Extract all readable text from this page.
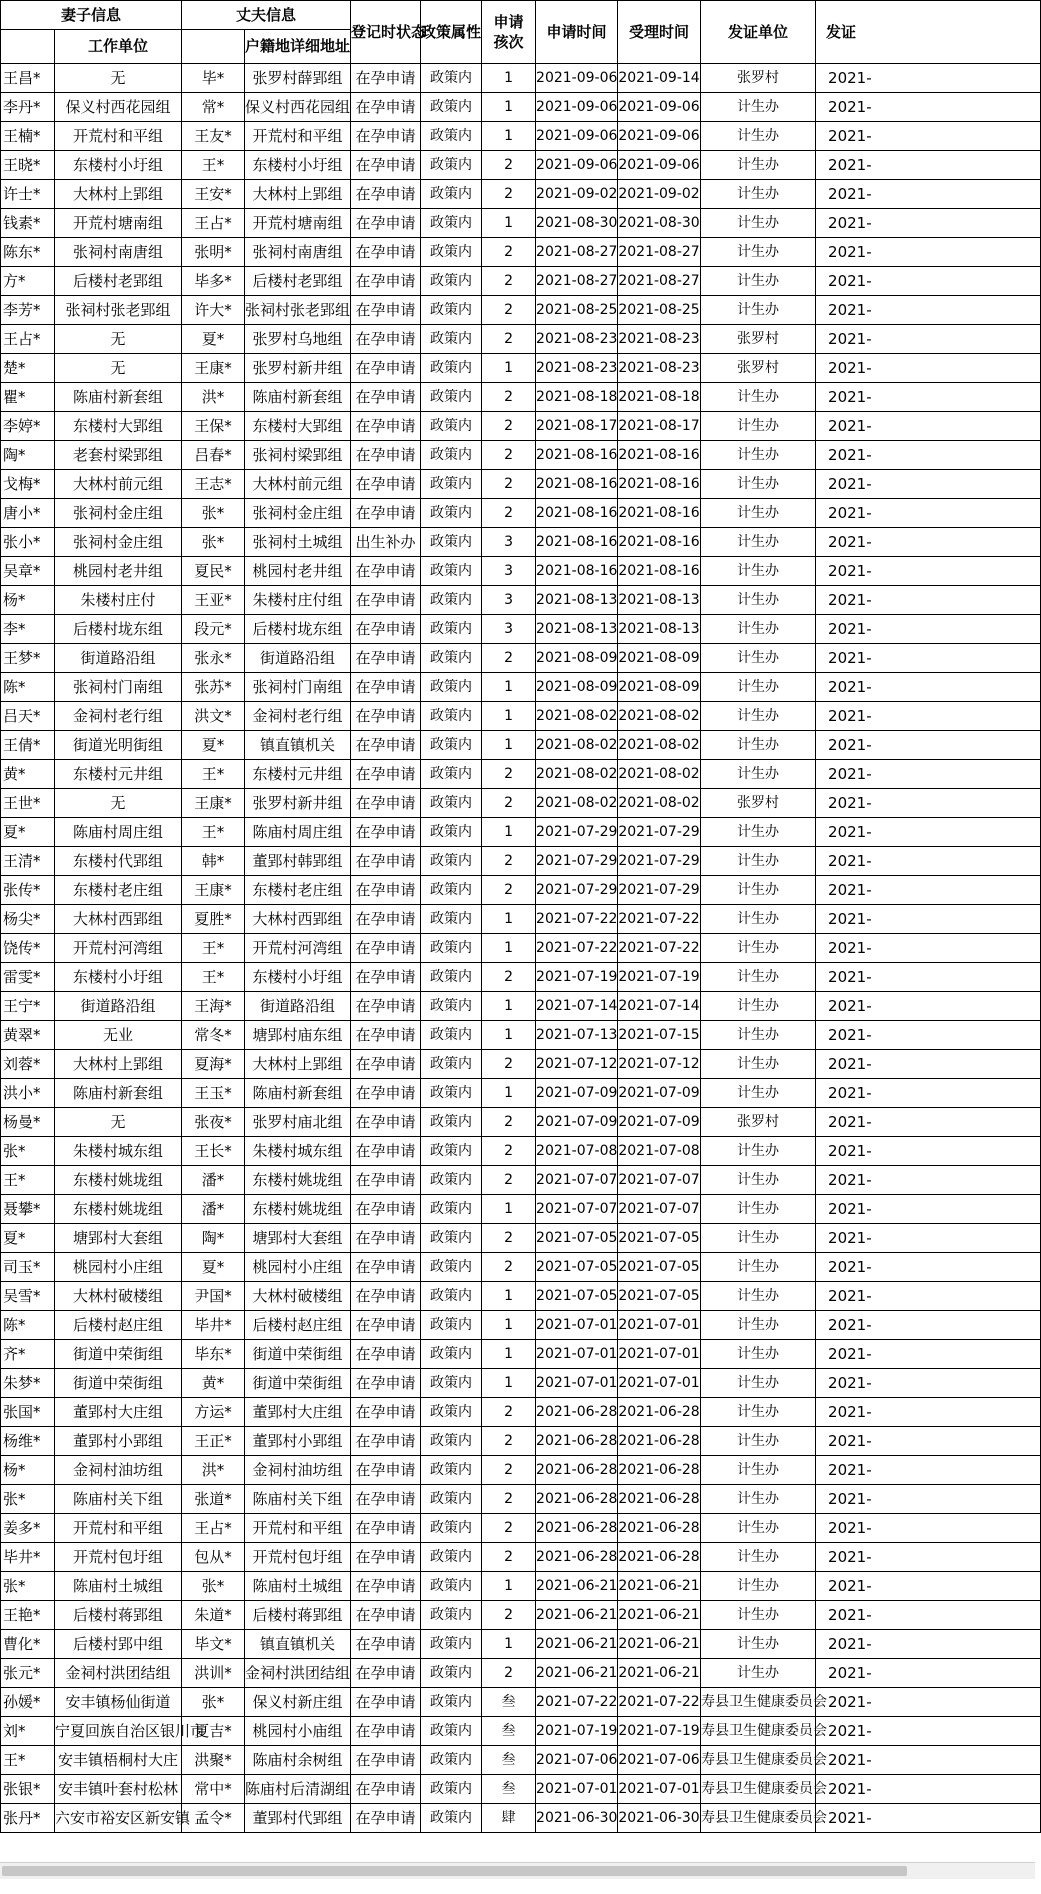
妻子信息		丈夫信息		登记时状态	政策属性	申请孩次	申请时间	受理时间	发证单位	发证
	工作单位		户籍地详细地址							
王昌*	无	毕*	张罗村薛郢组	在孕申请	政策内	1	2021-09-06	2021-09-14	张罗村	2021-
李丹*	保义村西花园组	常*	保义村西花园组	在孕申请	政策内	1	2021-09-06	2021-09-06	计生办	2021-
王楠*	开荒村和平组	王友*	开荒村和平组	在孕申请	政策内	1	2021-09-06	2021-09-06	计生办	2021-
王晓*	东楼村小圩组	王*	东楼村小圩组	在孕申请	政策内	2	2021-09-06	2021-09-06	计生办	2021-
许士*	大林村上郢组	王安*	大林村上郢组	在孕申请	政策内	2	2021-09-02	2021-09-02	计生办	2021-
钱素*	开荒村塘南组	王占*	开荒村塘南组	在孕申请	政策内	1	2021-08-30	2021-08-30	计生办	2021-
陈东*	张祠村南唐组	张明*	张祠村南唐组	在孕申请	政策内	2	2021-08-27	2021-08-27	计生办	2021-
方*	后楼村老郢组	毕多*	后楼村老郢组	在孕申请	政策内	2	2021-08-27	2021-08-27	计生办	2021-
李芳*	张祠村张老郢组	许大*	张祠村张老郢组	在孕申请	政策内	2	2021-08-25	2021-08-25	计生办	2021-
王占*	无	夏*	张罗村乌地组	在孕申请	政策内	2	2021-08-23	2021-08-23	张罗村	2021-
楚*	无	王康*	张罗村新井组	在孕申请	政策内	1	2021-08-23	2021-08-23	张罗村	2021-
瞿*	陈庙村新套组	洪*	陈庙村新套组	在孕申请	政策内	2	2021-08-18	2021-08-18	计生办	2021-
李婷*	东楼村大郢组	王保*	东楼村大郢组	在孕申请	政策内	2	2021-08-17	2021-08-17	计生办	2021-
陶*	老套村梁郢组	吕春*	张祠村梁郢组	在孕申请	政策内	2	2021-08-16	2021-08-16	计生办	2021-
戈梅*	大林村前元组	王志*	大林村前元组	在孕申请	政策内	2	2021-08-16	2021-08-16	计生办	2021-
唐小*	张祠村金庄组	张*	张祠村金庄组	在孕申请	政策内	2	2021-08-16	2021-08-16	计生办	2021-
张小*	张祠村金庄组	张*	张祠村土城组	出生补办	政策内	3	2021-08-16	2021-08-16	计生办	2021-
吴章*	桃园村老井组	夏民*	桃园村老井组	在孕申请	政策内	3	2021-08-16	2021-08-16	计生办	2021-
杨*	朱楼村庄付	王亚*	朱楼村庄付组	在孕申请	政策内	3	2021-08-13	2021-08-13	计生办	2021-
李*	后楼村垅东组	段元*	后楼村垅东组	在孕申请	政策内	3	2021-08-13	2021-08-13	计生办	2021-
王梦*	街道路沿组	张永*	街道路沿组	在孕申请	政策内	2	2021-08-09	2021-08-09	计生办	2021-
陈*	张祠村门南组	张苏*	张祠村门南组	在孕申请	政策内	1	2021-08-09	2021-08-09	计生办	2021-
吕天*	金祠村老行组	洪文*	金祠村老行组	在孕申请	政策内	1	2021-08-02	2021-08-02	计生办	2021-
王倩*	街道光明街组	夏*	镇直镇机关	在孕申请	政策内	1	2021-08-02	2021-08-02	计生办	2021-
黄*	东楼村元井组	王*	东楼村元井组	在孕申请	政策内	2	2021-08-02	2021-08-02	计生办	2021-
王世*	无	王康*	张罗村新井组	在孕申请	政策内	2	2021-08-02	2021-08-02	张罗村	2021-
夏*	陈庙村周庄组	王*	陈庙村周庄组	在孕申请	政策内	1	2021-07-29	2021-07-29	计生办	2021-
王清*	东楼村代郢组	韩*	董郢村韩郢组	在孕申请	政策内	2	2021-07-29	2021-07-29	计生办	2021-
张传*	东楼村老庄组	王康*	东楼村老庄组	在孕申请	政策内	2	2021-07-29	2021-07-29	计生办	2021-
杨尖*	大林村西郢组	夏胜*	大林村西郢组	在孕申请	政策内	1	2021-07-22	2021-07-22	计生办	2021-
饶传*	开荒村河湾组	王*	开荒村河湾组	在孕申请	政策内	1	2021-07-22	2021-07-22	计生办	2021-
雷雯*	东楼村小圩组	王*	东楼村小圩组	在孕申请	政策内	2	2021-07-19	2021-07-19	计生办	2021-
王宁*	街道路沿组	王海*	街道路沿组	在孕申请	政策内	1	2021-07-14	2021-07-14	计生办	2021-
黄翠*	无业	常冬*	塘郢村庙东组	在孕申请	政策内	1	2021-07-13	2021-07-15	计生办	2021-
刘蓉*	大林村上郢组	夏海*	大林村上郢组	在孕申请	政策内	2	2021-07-12	2021-07-12	计生办	2021-
洪小*	陈庙村新套组	王玉*	陈庙村新套组	在孕申请	政策内	1	2021-07-09	2021-07-09	计生办	2021-
杨曼*	无	张夜*	张罗村庙北组	在孕申请	政策内	2	2021-07-09	2021-07-09	张罗村	2021-
张*	朱楼村城东组	王长*	朱楼村城东组	在孕申请	政策内	2	2021-07-08	2021-07-08	计生办	2021-
王*	东楼村姚垅组	潘*	东楼村姚垅组	在孕申请	政策内	2	2021-07-07	2021-07-07	计生办	2021-
聂攀*	东楼村姚垅组	潘*	东楼村姚垅组	在孕申请	政策内	1	2021-07-07	2021-07-07	计生办	2021-
夏*	塘郢村大套组	陶*	塘郢村大套组	在孕申请	政策内	2	2021-07-05	2021-07-05	计生办	2021-
司玉*	桃园村小庄组	夏*	桃园村小庄组	在孕申请	政策内	2	2021-07-05	2021-07-05	计生办	2021-
吴雪*	大林村破楼组	尹国*	大林村破楼组	在孕申请	政策内	1	2021-07-05	2021-07-05	计生办	2021-
陈*	后楼村赵庄组	毕井*	后楼村赵庄组	在孕申请	政策内	1	2021-07-01	2021-07-01	计生办	2021-
齐*	街道中荣街组	毕东*	街道中荣街组	在孕申请	政策内	1	2021-07-01	2021-07-01	计生办	2021-
朱梦*	街道中荣街组	黄*	街道中荣街组	在孕申请	政策内	1	2021-07-01	2021-07-01	计生办	2021-
张国*	董郢村大庄组	方运*	董郢村大庄组	在孕申请	政策内	2	2021-06-28	2021-06-28	计生办	2021-
杨维*	董郢村小郢组	王正*	董郢村小郢组	在孕申请	政策内	2	2021-06-28	2021-06-28	计生办	2021-
杨*	金祠村油坊组	洪*	金祠村油坊组	在孕申请	政策内	2	2021-06-28	2021-06-28	计生办	2021-
张*	陈庙村关下组	张道*	陈庙村关下组	在孕申请	政策内	2	2021-06-28	2021-06-28	计生办	2021-
姜多*	开荒村和平组	王占*	开荒村和平组	在孕申请	政策内	2	2021-06-28	2021-06-28	计生办	2021-
毕井*	开荒村包圩组	包从*	开荒村包圩组	在孕申请	政策内	2	2021-06-28	2021-06-28	计生办	2021-
张*	陈庙村土城组	张*	陈庙村土城组	在孕申请	政策内	1	2021-06-21	2021-06-21	计生办	2021-
王艳*	后楼村蒋郢组	朱道*	后楼村蒋郢组	在孕申请	政策内	2	2021-06-21	2021-06-21	计生办	2021-
曹化*	后楼村郢中组	毕文*	镇直镇机关	在孕申请	政策内	1	2021-06-21	2021-06-21	计生办	2021-
张元*	金祠村洪团结组	洪训*	金祠村洪团结组	在孕申请	政策内	2	2021-06-21	2021-06-21	计生办	2021-
孙媛*	安丰镇杨仙街道	张*	保义村新庄组	在孕申请	政策内	叁	2021-07-22	2021-07-22	寿县卫生健康委员会	2021-
刘*	宁夏回族自治区银川市	夏吉*	桃园村小庙组	在孕申请	政策内	叁	2021-07-19	2021-07-19	寿县卫生健康委员会	2021-
王*	安丰镇梧桐村大庄	洪聚*	陈庙村余树组	在孕申请	政策内	叁	2021-07-06	2021-07-06	寿县卫生健康委员会	2021-
张银*	安丰镇叶套村松林	常中*	陈庙村后清湖组	在孕申请	政策内	叁	2021-07-01	2021-07-01	寿县卫生健康委员会	2021-
张丹*	六安市裕安区新安镇	孟令*	董郢村代郢组	在孕申请	政策内	肆	2021-06-30	2021-06-30	寿县卫生健康委员会	2021-
